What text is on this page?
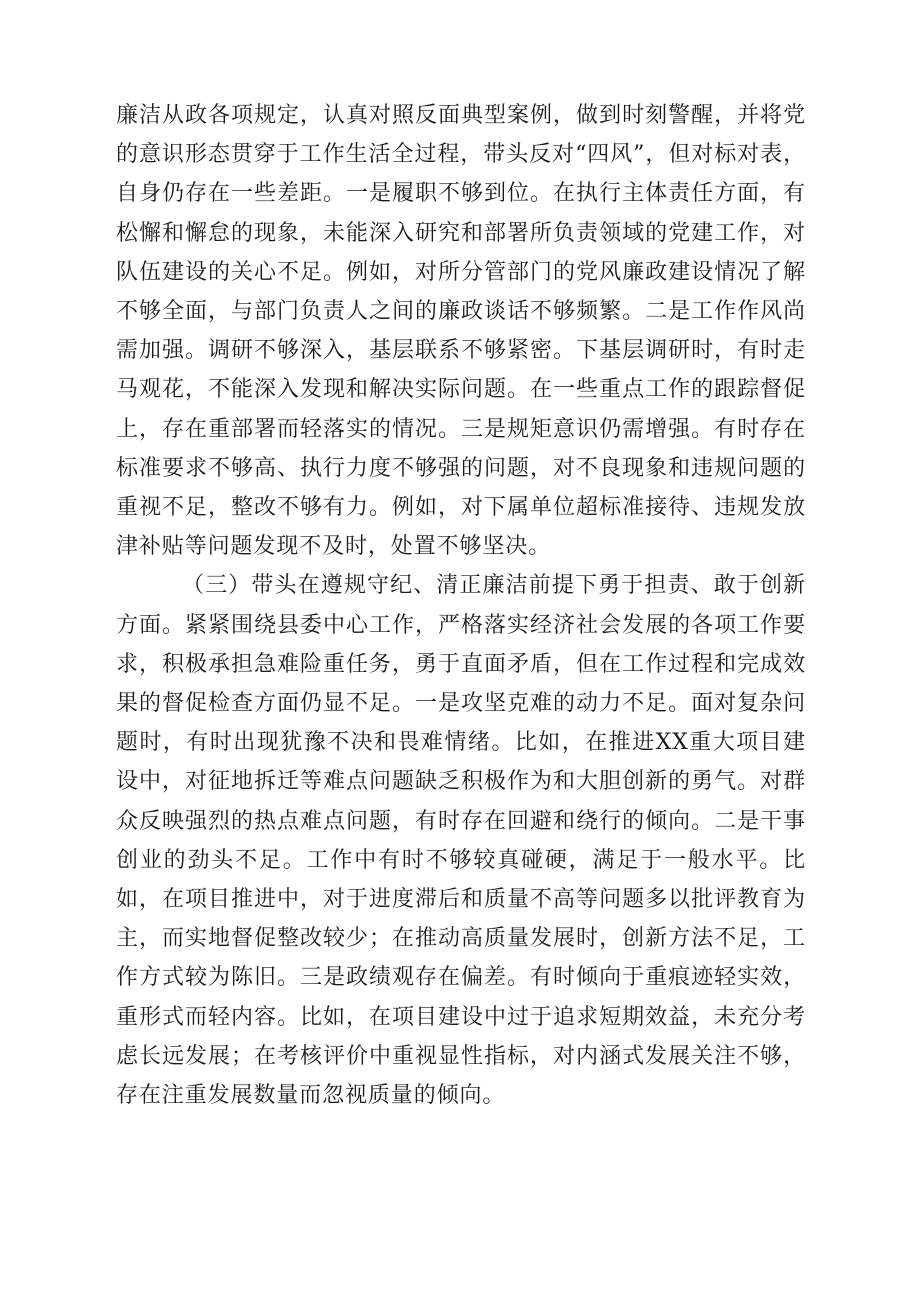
廉洁从政各项规定，认真对照反面典型案例，做到时刻警醒，并将党的意识形态贯穿于工作生活全过程，带头反对“四风”，但对标对表，自身仍存在一些差距。一是履职不够到位。在执行主体责任方面，有松懈和懈怠的现象，未能深入研究和部署所负责领域的党建工作，对队伍建设的关心不足。例如，对所分管部门的党风廉政建设情况了解不够全面，与部门负责人之间的廉政谈话不够频繁。二是工作作风尚需加强。调研不够深入，基层联系不够紧密。下基层调研时，有时走马观花，不能深入发现和解决实际问题。在一些重点工作的跟踪督促上，存在重部署而轻落实的情况。三是规矩意识仍需增强。有时存在标准要求不够高、执行力度不够强的问题，对不良现象和违规问题的重视不足，整改不够有力。例如，对下属单位超标准接待、违规发放津补贴等问题发现不及时，处置不够坚决。

（三）带头在遵规守纪、清正廉洁前提下勇于担责、敢于创新方面。紧紧围绕县委中心工作，严格落实经济社会发展的各项工作要求，积极承担急难险重任务，勇于直面矛盾，但在工作过程和完成效果的督促检查方面仍显不足。一是攻坚克难的动力不足。面对复杂问题时，有时出现犹豫不决和畏难情绪。比如，在推进XX重大项目建设中，对征地拆迁等难点问题缺乏积极作为和大胆创新的勇气。对群众反映强烈的热点难点问题，有时存在回避和绕行的倾向。二是干事创业的劲头不足。工作中有时不够较真碰硬，满足于一般水平。比如，在项目推进中，对于进度滞后和质量不高等问题多以批评教育为主，而实地督促整改较少；在推动高质量发展时，创新方法不足，工作方式较为陈旧。三是政绩观存在偏差。有时倾向于重痕迹轻实效，重形式而轻内容。比如，在项目建设中过于追求短期效益，未充分考虑长远发展；在考核评价中重视显性指标，对内涵式发展关注不够，存在注重发展数量而忽视质量的倾向。
